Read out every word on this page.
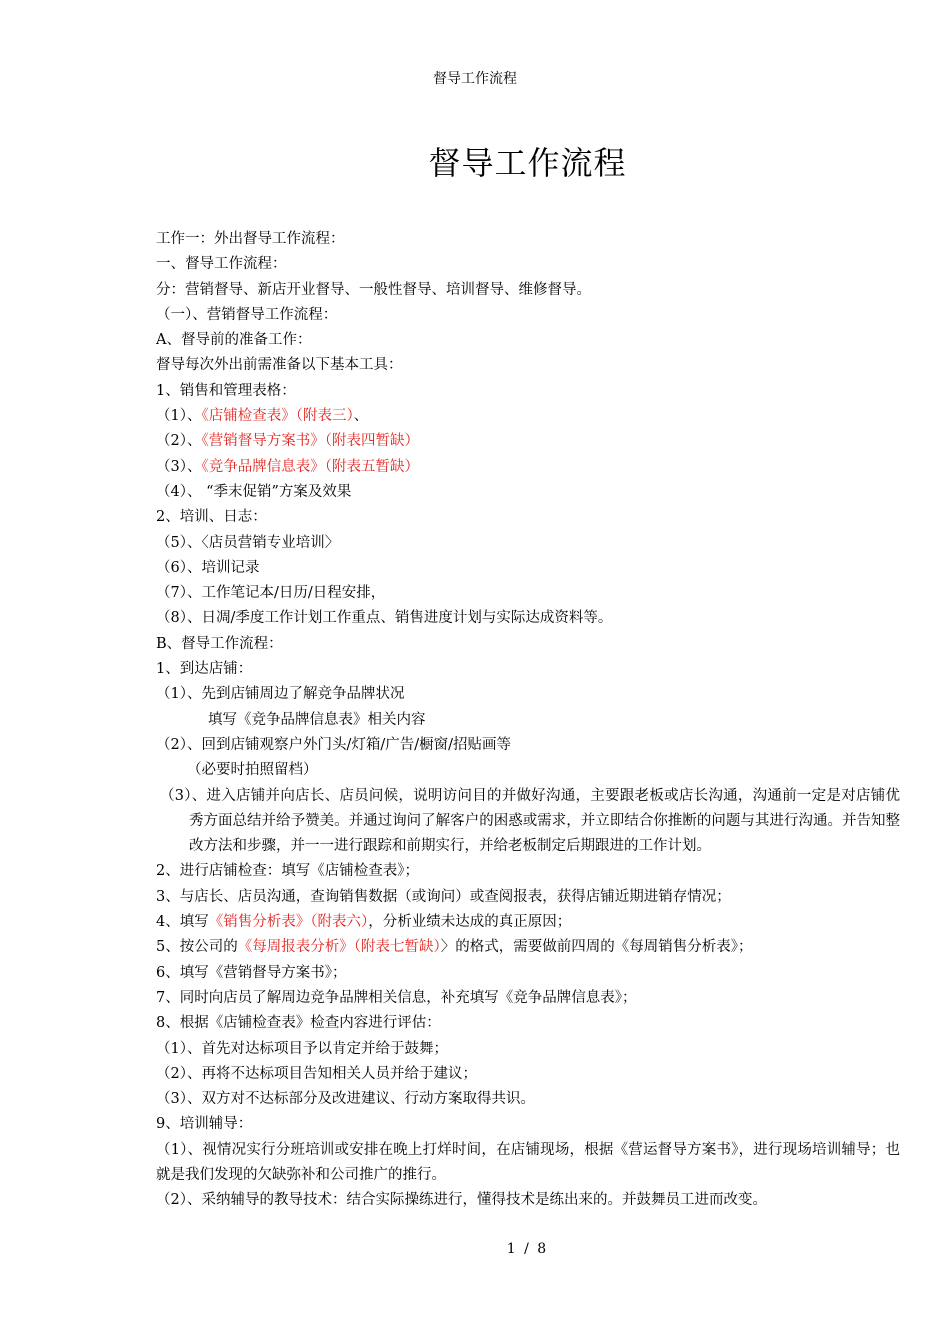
督导工作流程
督导工作流程
工作一：外出督导工作流程：
一、督导工作流程：
分：营销督导、新店开业督导、一般性督导、培训督导、维修督导。
（一）、营销督导工作流程：
A、督导前的准备工作：
督导每次外出前需准备以下基本工具：
1、销售和管理表格：
（1）、《店铺检查表》（附表三）、
（2）、《营销督导方案书》（附表四暂缺）
（3）、《竞争品牌信息表》（附表五暂缺）
（4）、 “季末促销”方案及效果
2、培训、日志：
（5）、〈店员营销专业培训〉
（6）、培训记录
（7）、工作笔记本/日历/日程安排，
（8）、日凋/季度工作计划工作重点、销售进度计划与实际达成资料等。
B、督导工作流程：
1、到达店铺：
（1）、先到店铺周边了解竞争品牌状况
填写《竞争品牌信息表》相关内容
（2）、回到店铺观察户外门头/灯箱/广告/橱窗/招贴画等
（必要时拍照留档）
（3）、进入店铺并向店长、店员问候，说明访问目的并做好沟通，主要跟老板或店长沟通，沟通前一定是对店铺优秀方面总结并给予赞美。并通过询问了解客户的困惑或需求，并立即结合你推断的问题与其进行沟通。并告知整改方法和步骤，并一一进行跟踪和前期实行，并给老板制定后期跟进的工作计划。
2、进行店铺检查：填写《店铺检查表》；
3、与店长、店员沟通，查询销售数据（或询问）或查阅报表，获得店铺近期进销存情况；
4、填写《销售分析表》（附表六），分析业绩未达成的真正原因；
5、按公司的《每周报表分析》（附表七暂缺）〉的格式，需要做前四周的《每周销售分析表》；
6、填写《营销督导方案书》；
7、同时向店员了解周边竞争品牌相关信息，补充填写《竞争品牌信息表》；
8、根据《店铺检查表》检查内容进行评估：
（1）、首先对达标项目予以肯定并给于鼓舞；
（2）、再将不达标项目告知相关人员并给于建议；
（3）、双方对不达标部分及改进建议、行动方案取得共识。
9、培训辅导：
（1）、视情况实行分班培训或安排在晚上打烊时间，在店铺现场，根据《营运督导方案书》，进行现场培训辅导；也就是我们发现的欠缺弥补和公司推广的推行。
（2）、采纳辅导的教导技术：结合实际操练进行，懂得技术是练出来的。并鼓舞员工进而改变。
1 / 8
